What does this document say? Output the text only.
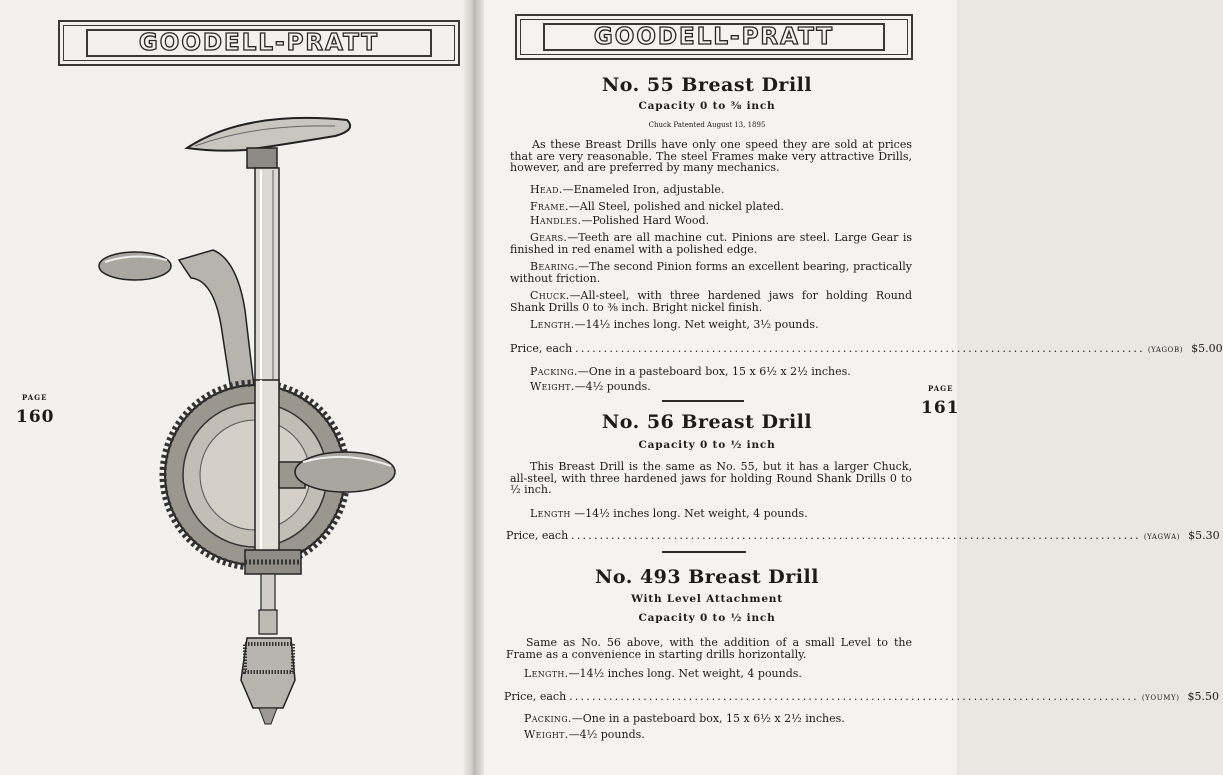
GOODELL-PRATT
PAGE
160
GOODELL-PRATT
PAGE
161
No. 55 Breast Drill
Capacity 0 to ⅜ inch
Chuck Patented August 13, 1895
As these Breast Drills have only one speed they are sold at prices that are very reasonable. The steel Frames make very attractive Drills, however, and are preferred by many mechanics.
Head.—Enameled Iron, adjustable.
Frame.—All Steel, polished and nickel plated.
Handles.—Polished Hard Wood.
Gears.—Teeth are all machine cut. Pinions are steel. Large Gear is finished in red enamel with a polished edge.
Bearing.—The second Pinion forms an excellent bearing, practically without friction.
Chuck.—All-steel, with three hardened jaws for holding Round Shank Drills 0 to ⅜ inch. Bright nickel finish.
Length.—14½ inches long. Net weight, 3½ pounds.
Price, each .................................................................................................... (YAGOB) $5.00
Packing.—One in a pasteboard box, 15 x 6½ x 2½ inches.
Weight.—4½ pounds.
No. 56 Breast Drill
Capacity 0 to ½ inch
This Breast Drill is the same as No. 55, but it has a larger Chuck, all-steel, with three hardened jaws for holding Round Shank Drills 0 to ½ inch.
Length —14½ inches long. Net weight, 4 pounds.
Price, each .................................................................................................... (YAGWA) $5.30
No. 493 Breast Drill
With Level Attachment
Capacity 0 to ½ inch
Same as No. 56 above, with the addition of a small Level to the Frame as a convenience in starting drills horizontally.
Length.—14½ inches long. Net weight, 4 pounds.
Price, each .................................................................................................... (YOUMY) $5.50
Packing.—One in a pasteboard box, 15 x 6½ x 2½ inches.
Weight.—4½ pounds.
